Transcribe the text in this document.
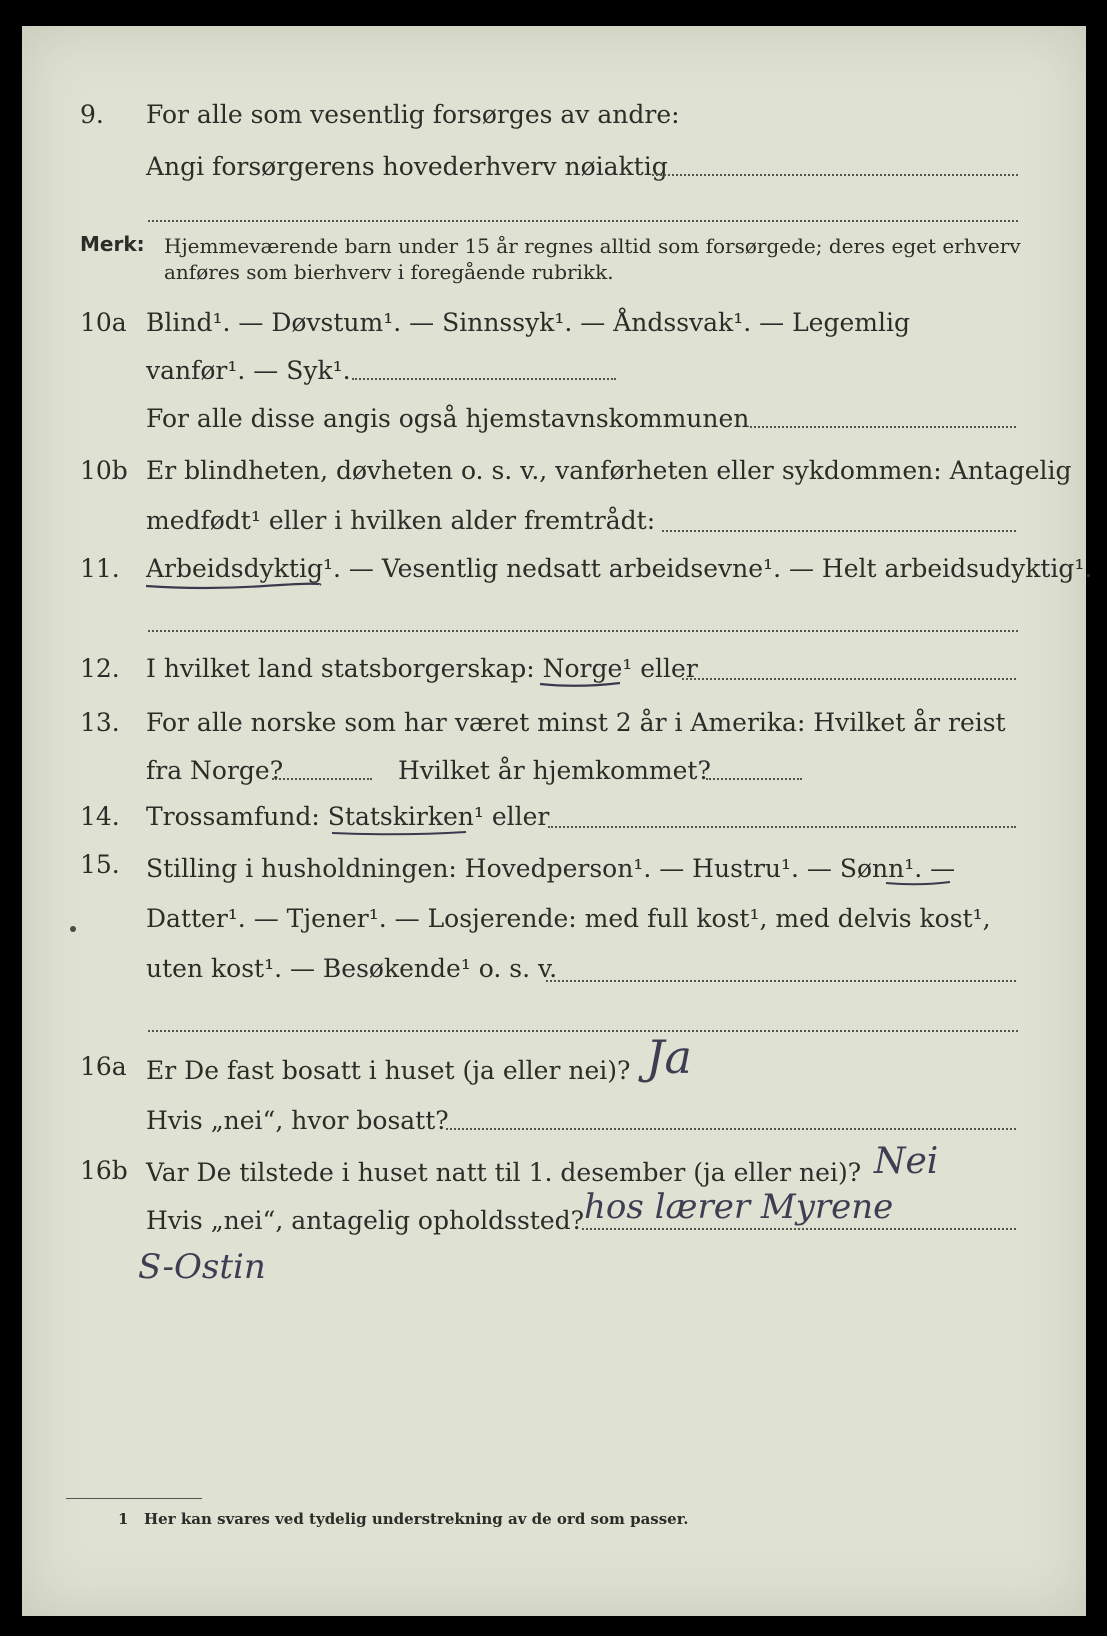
9. For alle som vesentlig forsørges av andre:

Angi forsørgerens hovederhverv nøiaktig

Merk: Hjemmeværende barn under 15 år regnes alltid som forsørgede; deres eget erhverv

anføres som bierhverv i foregående rubrikk.

10a Blind¹. — Døvstum¹. — Sinnssyk¹. — Åndssvak¹. — Legemlig

vanfør¹. — Syk¹.

For alle disse angis også hjemstavnskommunen

10b Er blindheten, døvheten o. s. v., vanførheten eller sykdommen: Antagelig

medfødt¹ eller i hvilken alder fremtrådt:

11. Arbeidsdyktig¹. — Vesentlig nedsatt arbeidsevne¹. — Helt arbeidsudyktig¹.

12. I hvilket land statsborgerskap: Norge¹ eller

13. For alle norske som har været minst 2 år i Amerika: Hvilket år reist

fra Norge?	Hvilket år hjemkommet?

14. Trossamfund: Statskirken¹ eller

15. Stilling i husholdningen: Hovedperson¹. — Hustru¹. — Sønn¹. —

Datter¹. — Tjener¹. — Losjerende: med full kost¹, med delvis kost¹,

uten kost¹. — Besøkende¹ o. s. v.

16a Er De fast bosatt i huset (ja eller nei)? Ja

Hvis „nei“, hvor bosatt?

16b Var De tilstede i huset natt til 1. desember (ja eller nei)? Nei

Hvis „nei“, antagelig opholdssted? hos lærer Myrene

S-Ostin

1 Her kan svares ved tydelig understrekning av de ord som passer.
